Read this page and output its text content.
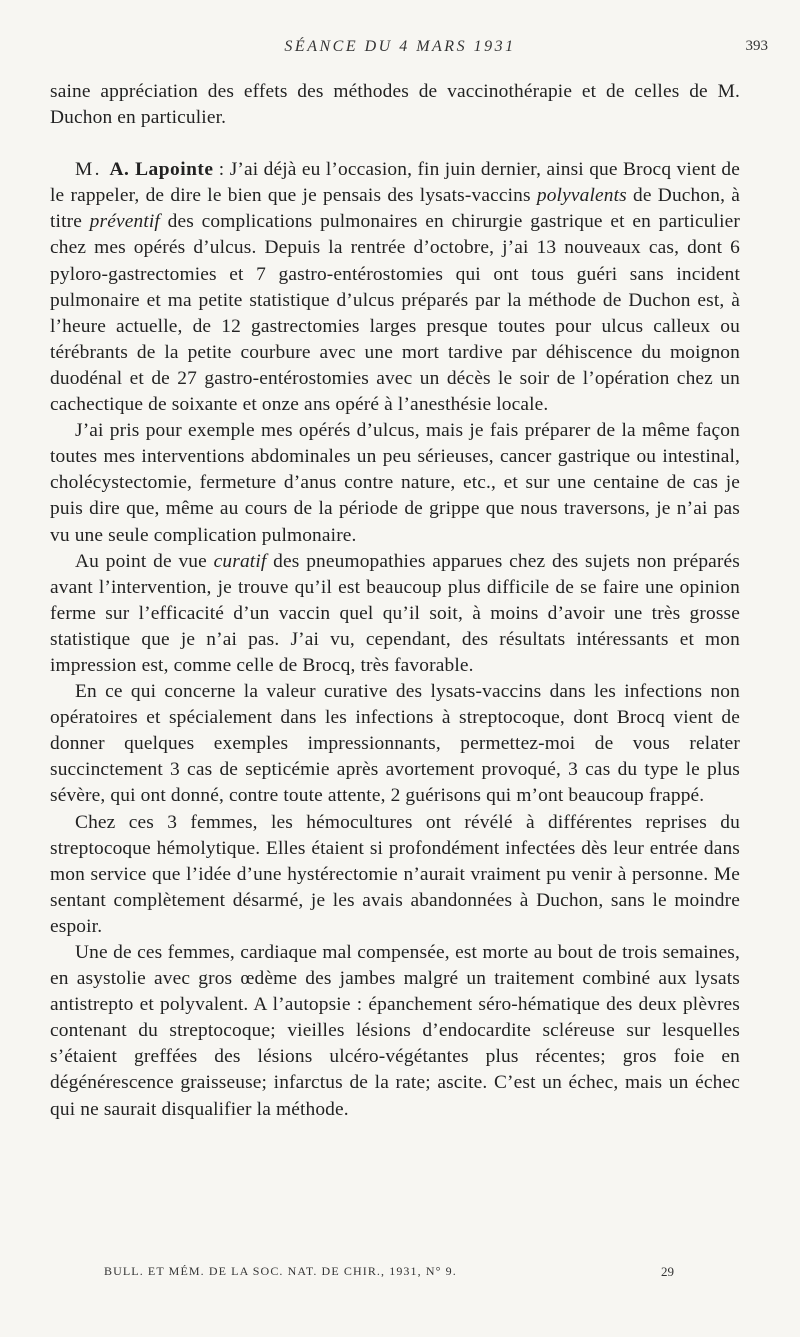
SÉANCE DU 4 MARS 1931	393

saine appréciation des effets des méthodes de vaccinothérapie et de celles de M. Duchon en particulier.

M. A. Lapointe : J’ai déjà eu l’occasion, fin juin dernier, ainsi que Brocq vient de le rappeler, de dire le bien que je pensais des lysats-vaccins polyvalents de Duchon, à titre préventif des complications pulmonaires en chirurgie gastrique et en particulier chez mes opérés d’ulcus. Depuis la rentrée d’octobre, j’ai 13 nouveaux cas, dont 6 pyloro-gastrectomies et 7 gastro-entérostomies qui ont tous guéri sans incident pulmonaire et ma petite statistique d’ulcus préparés par la méthode de Duchon est, à l’heure actuelle, de 12 gastrectomies larges presque toutes pour ulcus calleux ou térébrants de la petite courbure avec une mort tardive par déhiscence du moignon duodénal et de 27 gastro-entérostomies avec un décès le soir de l’opération chez un cachectique de soixante et onze ans opéré à l’anesthésie locale.

J’ai pris pour exemple mes opérés d’ulcus, mais je fais préparer de la même façon toutes mes interventions abdominales un peu sérieuses, cancer gastrique ou intestinal, cholécystectomie, fermeture d’anus contre nature, etc., et sur une centaine de cas je puis dire que, même au cours de la période de grippe que nous traversons, je n’ai pas vu une seule complication pulmonaire.

Au point de vue curatif des pneumopathies apparues chez des sujets non préparés avant l’intervention, je trouve qu’il est beaucoup plus difficile de se faire une opinion ferme sur l’efficacité d’un vaccin quel qu’il soit, à moins d’avoir une très grosse statistique que je n’ai pas. J’ai vu, cependant, des résultats intéressants et mon impression est, comme celle de Brocq, très favorable.

En ce qui concerne la valeur curative des lysats-vaccins dans les infections non opératoires et spécialement dans les infections à streptocoque, dont Brocq vient de donner quelques exemples impressionnants, permettez-moi de vous relater succinctement 3 cas de septicémie après avortement provoqué, 3 cas du type le plus sévère, qui ont donné, contre toute attente, 2 guérisons qui m’ont beaucoup frappé.

Chez ces 3 femmes, les hémocultures ont révélé à différentes reprises du streptocoque hémolytique. Elles étaient si profondément infectées dès leur entrée dans mon service que l’idée d’une hystérectomie n’aurait vraiment pu venir à personne. Me sentant complètement désarmé, je les avais abandonnées à Duchon, sans le moindre espoir.

Une de ces femmes, cardiaque mal compensée, est morte au bout de trois semaines, en asystolie avec gros œdème des jambes malgré un traitement combiné aux lysats antistrepto et polyvalent. A l’autopsie : épanchement séro-hématique des deux plèvres contenant du streptocoque; vieilles lésions d’endocardite scléreuse sur lesquelles s’étaient greffées des lésions ulcéro-végétantes plus récentes; gros foie en dégénérescence graisseuse; infarctus de la rate; ascite. C’est un échec, mais un échec qui ne saurait disqualifier la méthode.

BULL. ET MÉM. DE LA SOC. NAT. DE CHIR., 1931, N° 9.	29
